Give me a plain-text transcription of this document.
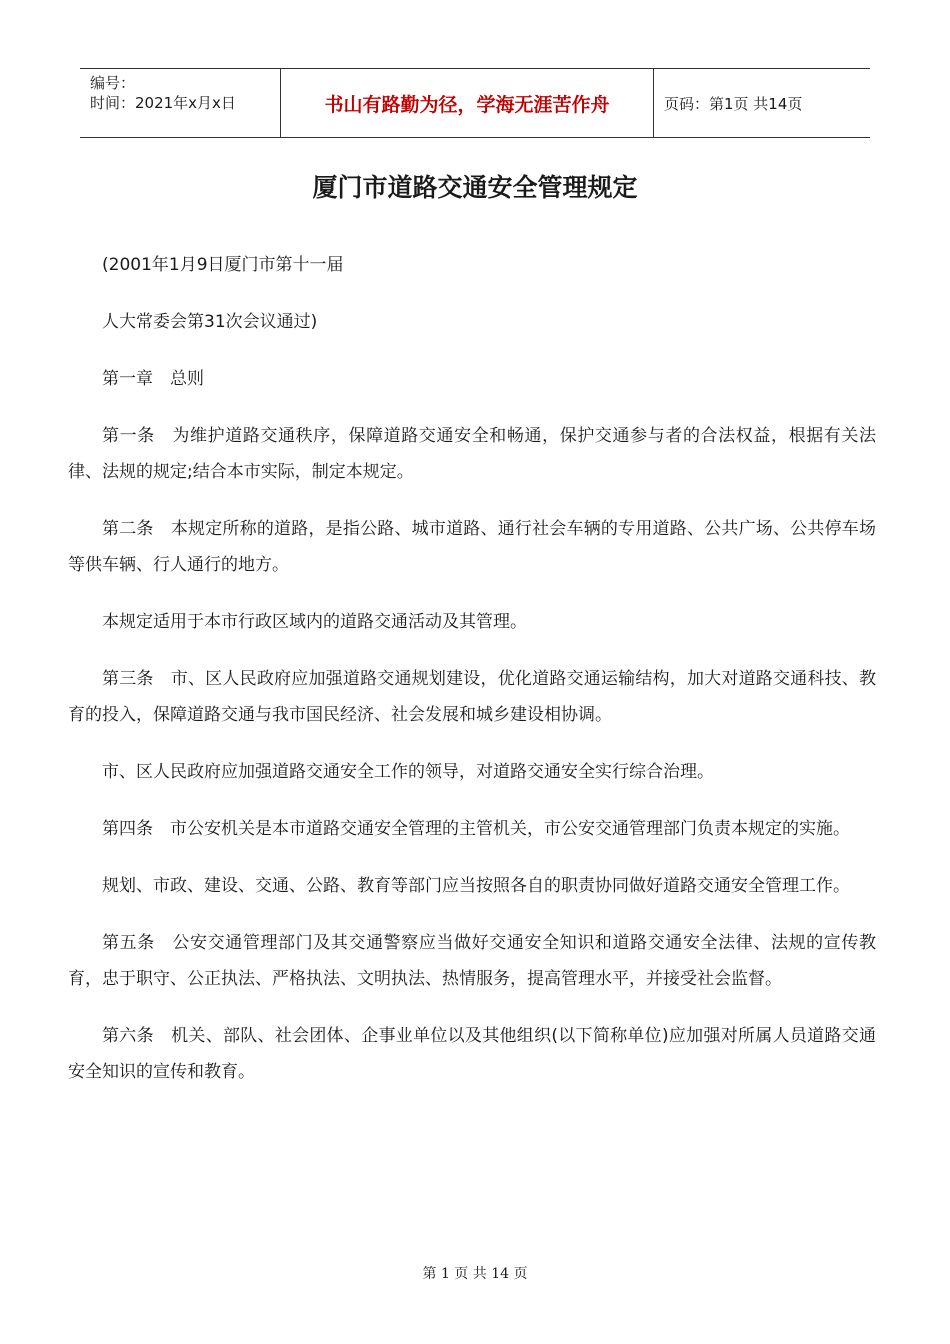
编号：
时间：2021年x月x日	书山有路勤为径，学海无涯苦作舟	页码：第1页 共14页
厦门市道路交通安全管理规定

(2001年1月9日厦门市第十一届

人大常委会第31次会议通过)

第一章　总则

第一条　为维护道路交通秩序，保障道路交通安全和畅通，保护交通参与者的合法权益，根据有关法律、法规的规定;结合本市实际，制定本规定。

第二条　本规定所称的道路，是指公路、城市道路、通行社会车辆的专用道路、公共广场、公共停车场等供车辆、行人通行的地方。

本规定适用于本市行政区域内的道路交通活动及其管理。

第三条　市、区人民政府应加强道路交通规划建设，优化道路交通运输结构，加大对道路交通科技、教育的投入，保障道路交通与我市国民经济、社会发展和城乡建设相协调。

市、区人民政府应加强道路交通安全工作的领导，对道路交通安全实行综合治理。

第四条　市公安机关是本市道路交通安全管理的主管机关，市公安交通管理部门负责本规定的实施。

规划、市政、建设、交通、公路、教育等部门应当按照各自的职责协同做好道路交通安全管理工作。

第五条　公安交通管理部门及其交通警察应当做好交通安全知识和道路交通安全法律、法规的宣传教育，忠于职守、公正执法、严格执法、文明执法、热情服务，提高管理水平，并接受社会监督。

第六条　机关、部队、社会团体、企事业单位以及其他组织(以下简称单位)应加强对所属人员道路交通安全知识的宣传和教育。

第 1 页 共 14 页
